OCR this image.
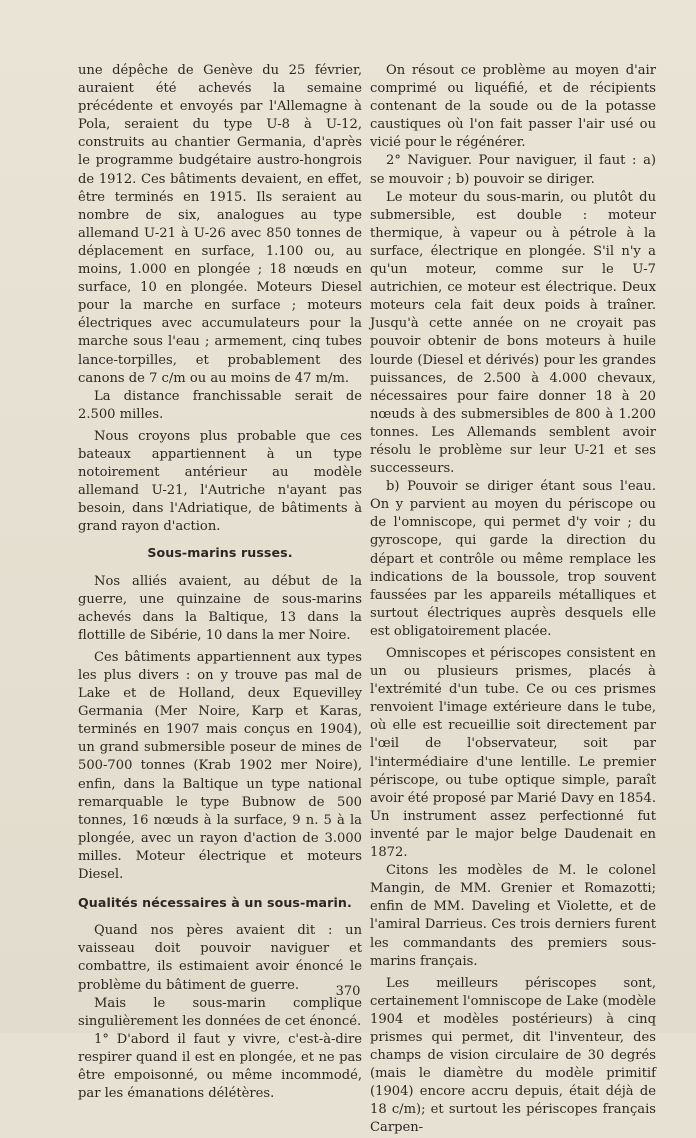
une dépêche de Genève du 25 février, auraient été achevés la semaine précédente et envoyés par l'Allemagne à Pola, seraient du type U-8 à U-12, construits au chantier Germania, d'après le programme budgétaire austro-hongrois de 1912. Ces bâtiments devaient, en effet, être terminés en 1915. Ils seraient au nombre de six, analogues au type allemand U-21 à U-26 avec 850 tonnes de déplacement en surface, 1.100 ou, au moins, 1.000 en plongée ; 18 nœuds en surface, 10 en plongée. Moteurs Diesel pour la marche en surface ; moteurs électriques avec accumulateurs pour la marche sous l'eau ; armement, cinq tubes lance-torpilles, et probablement des canons de 7 c/m ou au moins de 47 m/m.

La distance franchissable serait de 2.500 milles.

Nous croyons plus probable que ces bateaux appartiennent à un type notoirement antérieur au modèle allemand U-21, l'Autriche n'ayant pas besoin, dans l'Adriatique, de bâtiments à grand rayon d'action.

Sous-marins russes.

Nos alliés avaient, au début de la guerre, une quinzaine de sous-marins achevés dans la Baltique, 13 dans la flottille de Sibérie, 10 dans la mer Noire.

Ces bâtiments appartiennent aux types les plus divers : on y trouve pas mal de Lake et de Holland, deux Equevilley Germania (Mer Noire, Karp et Karas, terminés en 1907 mais conçus en 1904), un grand submersible poseur de mines de 500-700 tonnes (Krab 1902 mer Noire), enfin, dans la Baltique un type national remarquable le type Bubnow de 500 tonnes, 16 nœuds à la surface, 9 n. 5 à la plongée, avec un rayon d'action de 3.000 milles. Moteur électrique et moteurs Diesel.

Qualités nécessaires à un sous-marin.

Quand nos pères avaient dit : un vaisseau doit pouvoir naviguer et combattre, ils estimaient avoir énoncé le problème du bâtiment de guerre.

Mais le sous-marin complique singulièrement les données de cet énoncé.

1° D'abord il faut y vivre, c'est-à-dire respirer quand il est en plongée, et ne pas être empoisonné, ou même incommodé, par les émanations délétères.

On résout ce problème au moyen d'air comprimé ou liquéfié, et de récipients contenant de la soude ou de la potasse caustiques où l'on fait passer l'air usé ou vicié pour le régénérer.

2° Naviguer. Pour naviguer, il faut : a) se mouvoir ; b) pouvoir se diriger.

Le moteur du sous-marin, ou plutôt du submersible, est double : moteur thermique, à vapeur ou à pétrole à la surface, électrique en plongée. S'il n'y a qu'un moteur, comme sur le U-7 autrichien, ce moteur est électrique. Deux moteurs cela fait deux poids à traîner. Jusqu'à cette année on ne croyait pas pouvoir obtenir de bons moteurs à huile lourde (Diesel et dérivés) pour les grandes puissances, de 2.500 à 4.000 chevaux, nécessaires pour faire donner 18 à 20 nœuds à des submersibles de 800 à 1.200 tonnes. Les Allemands semblent avoir résolu le problème sur leur U-21 et ses successeurs.

b) Pouvoir se diriger étant sous l'eau. On y parvient au moyen du périscope ou de l'omniscope, qui permet d'y voir ; du gyroscope, qui garde la direction du départ et contrôle ou même remplace les indications de la boussole, trop souvent faussées par les appareils métalliques et surtout électriques auprès desquels elle est obligatoirement placée.

Omniscopes et périscopes consistent en un ou plusieurs prismes, placés à l'extrémité d'un tube. Ce ou ces prismes renvoient l'image extérieure dans le tube, où elle est recueillie soit directement par l'œil de l'observateur, soit par l'intermédiaire d'une lentille. Le premier périscope, ou tube optique simple, paraît avoir été proposé par Marié Davy en 1854. Un instrument assez perfectionné fut inventé par le major belge Daudenait en 1872.

Citons les modèles de M. le colonel Mangin, de MM. Grenier et Romazotti; enfin de MM. Daveling et Violette, et de l'amiral Darrieus. Ces trois derniers furent les commandants des premiers sous-marins français.

Les meilleurs périscopes sont, certainement l'omniscope de Lake (modèle 1904 et modèles postérieurs) à cinq prismes qui permet, dit l'inventeur, des champs de vision circulaire de 30 degrés (mais le diamètre du modèle primitif (1904) encore accru depuis, était déjà de 18 c/m); et surtout les périscopes français Carpen-

370
